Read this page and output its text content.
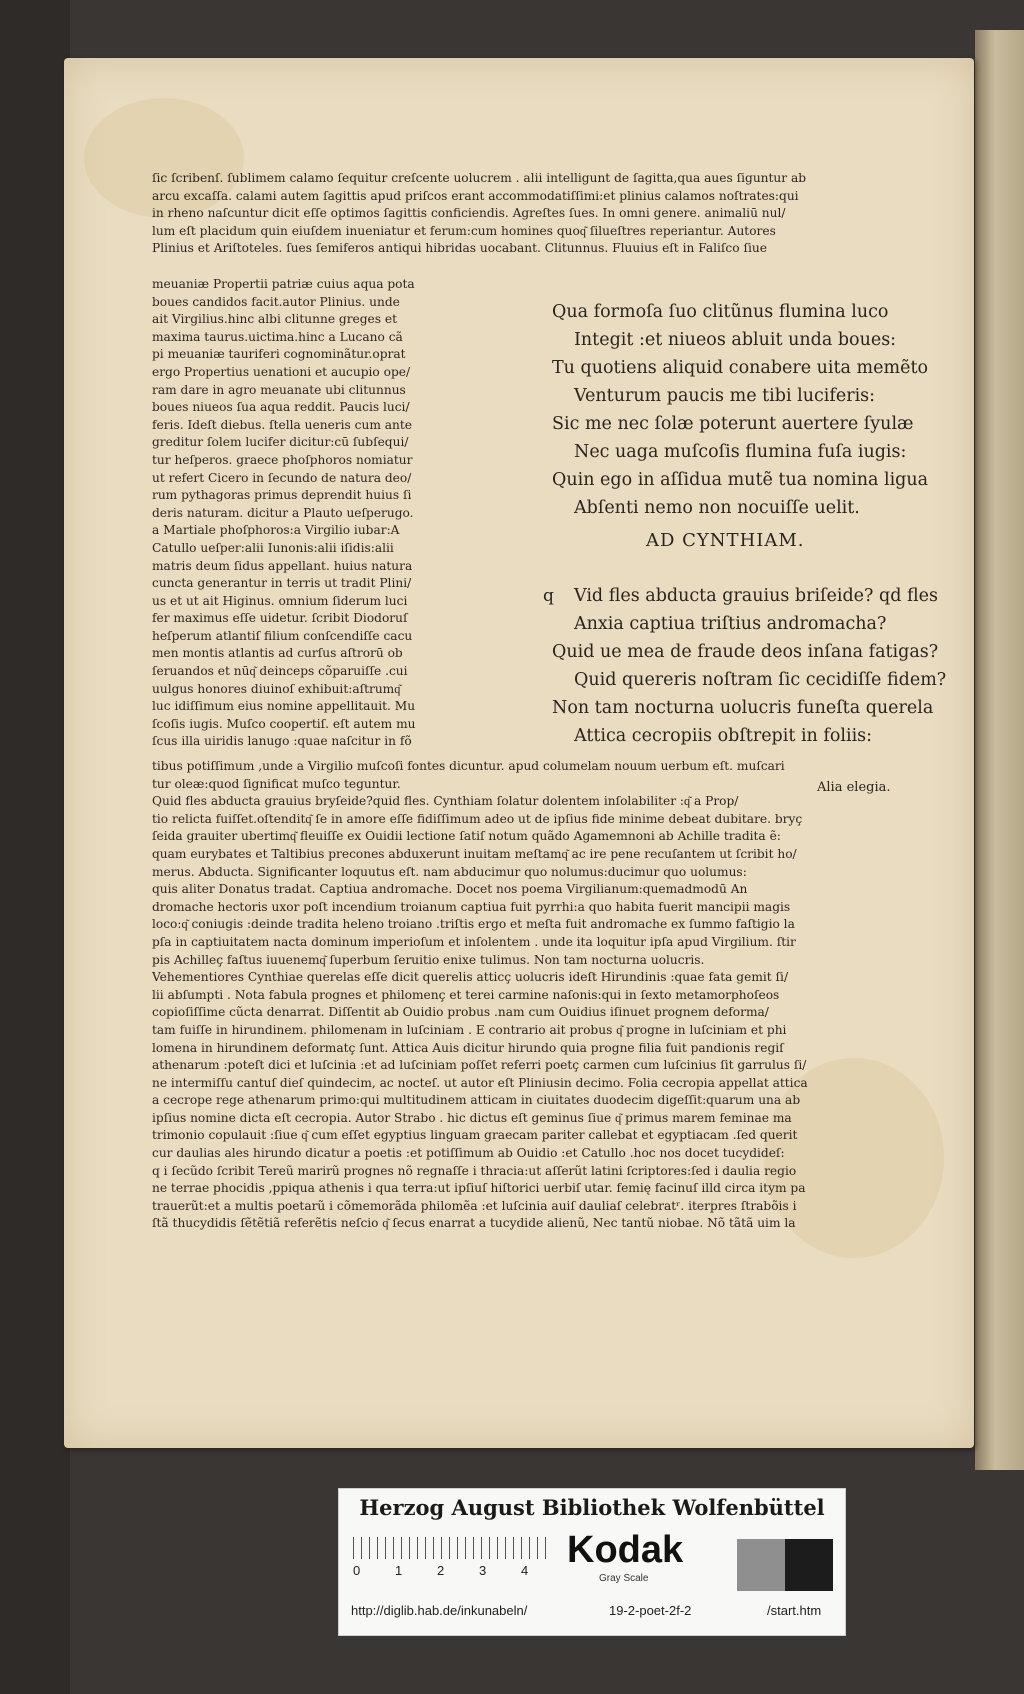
ſic ſcribenſ. ſublimem calamo ſequitur creſcente uolucrem . alii intelligunt de ſagitta,qua aues ſiguntur ab
arcu excaſſa. calami autem ſagittis apud priſcos erant accommodatiſſimi:et plinius calamos noſtrates:qui
in rheno naſcuntur dicit eſſe optimos ſagittis conficiendis. Agreſtes ſues. In omni genere. animaliū nul/
lum eſt placidum quin eiuſdem inueniatur et ferum:cum homines quoq͂ ſilueſtres reperiantur. Autores
Plinius et Ariſtoteles. ſues ſemiferos antiqui hibridas uocabant. Clitunnus. Fluuius eſt in Faliſco ſiue
meuaniæ Propertii patriæ cuius aqua pota
boues candidos facit.autor Plinius. unde
ait Virgilius.hinc albi clitunne greges et
maxima taurus.uictima.hinc a Lucano cã
pi meuaniæ tauriferi cognominãtur.oprat
ergo Propertius uenationi et aucupio ope/
ram dare in agro meuanate ubi clitunnus
boues niueos ſua aqua reddit. Paucis luci/
feris. Ideſt diebus. ſtella ueneris cum ante
greditur ſolem lucifer dicitur:cū ſubſequi/
tur heſperos. graece phoſphoros nomiatur
ut refert Cicero in ſecundo de natura deo/
rum pythagoras primus deprendit huius ſi
deris naturam. dicitur a Plauto ueſperugo.
a Martiale phoſphoros:a Virgilio iubar:A
Catullo ueſper:alii Iunonis:alii iſidis:alii
matris deum ſidus appellant. huius natura
cuncta generantur in terris ut tradit Plini/
us et ut ait Higinus. omnium ſiderum luci
fer maximus eſſe uidetur. ſcribit Diodoruſ
heſperum atlantiſ filium conſcendiſſe cacu
men montis atlantis ad curſus aſtrorū ob
ſeruandos et nūq͂ deinceps cõparuiſſe .cui
uulgus honores diuinoſ exhibuit:aſtrumq͂
luc idiſſimum eius nomine appellitauit. Mu
ſcoſis iugis. Muſco coopertiſ. eſt autem mu
ſcus illa uiridis lanugo :quae naſcitur in fõ
Qua formoſa ſuo clitũnus flumina luco
Integit :et niueos abluit unda boues:
Tu quotiens aliquid conabere uita memẽto
Venturum paucis me tibi luciferis:
Sic me nec ſolæ poterunt auertere ſyulæ
Nec uaga muſcoſis flumina fuſa iugis:
Quin ego in aſſidua mutẽ tua nomina ligua
Abſenti nemo non nocuiſſe uelit.
AD CYNTHIAM.
q	Vid fles abducta grauius briſeide? qd fles
Anxia captiua triſtius andromacha?
Quid ue mea de fraude deos inſana fatigas?
Quid quereris noſtram ſic cecidiſſe fidem?
Non tam nocturna uolucris funeſta querela
Attica cecropiis obſtrepit in foliis:
Alia elegia.
tibus potiſſimum ,unde a Virgilio muſcoſi fontes dicuntur. apud columelam nouum uerbum eſt. muſcari
tur oleæ:quod ſignificat muſco teguntur.
Quid fles abducta grauius bryſeide?quid fles. Cynthiam ſolatur dolentem inſolabiliter :q͂ a Prop/
tio relicta fuiſſet.oſtenditq͂ ſe in amore eſſe fidiſſimum adeo ut de ipſius fide minime debeat dubitare. bryç
ſeida grauiter ubertimq͂ fleuiſſe ex Ouidii lectione ſatiſ notum quãdo Agamemnoni ab Achille tradita ẽ:
quam eurybates et Taltibius precones abduxerunt inuitam meſtamq͂ ac ire pene recuſantem ut ſcribit ho/
merus. Abducta. Significanter loquutus eſt. nam abducimur quo nolumus:ducimur quo uolumus:
quis aliter Donatus tradat. Captiua andromache. Docet nos poema Virgilianum:quemadmodū An
dromache hectoris uxor poſt incendium troianum captiua fuit pyrrhi:a quo habita fuerit mancipii magis
loco:q͂ coniugis :deinde tradita heleno troiano .triſtis ergo et meſta fuit andromache ex ſummo faſtigio la
pſa in captiuitatem nacta dominum imperioſum et inſolentem . unde ita loquitur ipſa apud Virgilium. ſtir
pis Achilleç faſtus iuuenemq͂ ſuperbum ſeruitio enixe tulimus. Non tam nocturna uolucris.
Vehementiores Cynthiae querelas eſſe dicit querelis atticç uolucris ideſt Hirundinis :quae fata gemit ſi/
lii abſumpti . Nota fabula prognes et philomenç et terei carmine naſonis:qui in ſexto metamorphoſeos
copioſiſſime cũcta denarrat. Diſſentit ab Ouidio probus .nam cum Ouidius iſinuet prognem deforma/
tam fuiſſe in hirundinem. philomenam in luſciniam . E contrario ait probus q͂ progne in luſciniam et phi
lomena in hirundinem deformatç ſunt. Attica Auis dicitur hirundo quia progne filia fuit pandionis regiſ
athenarum :poteſt dici et luſcinia :et ad luſciniam poſſet referri poetç carmen cum luſcinius ſit garrulus ſi/
ne intermiſſu cantuſ dieſ quindecim, ac nocteſ. ut autor eſt Pliniusin decimo. Folia cecropia appellat attica
a cecrope rege athenarum primo:qui multitudinem atticam in ciuitates duodecim digeſſit:quarum una ab
ipſius nomine dicta eſt cecropia. Autor Strabo . hic dictus eſt geminus ſiue q͂ primus marem feminae ma
trimonio copulauit :ſiue q͂ cum eſſet egyptius linguam graecam pariter callebat et egyptiacam .ſed querit
cur daulias ales hirundo dicatur a poetis :et potiſſimum ab Ouidio :et Catullo .hoc nos docet tucydideſ:
q i ſecũdo ſcribit Tereũ marirũ prognes nõ regnaſſe i thracia:ut aſſerũt latini ſcriptores:ſed i daulia regio
ne terrae phocidis ,ppiqua athenis i qua terra:ut ipſiuſ hiſtorici uerbiſ utar. femię facinuſ illd circa itym pa
trauerũt:et a multis poetarũ i cõmemorãda philomẽa :et luſcinia auiſ dauliaſ celebratʳ. iterpres ſtrabõis i
ſtã thucydidis ſẽtẽtiã referẽtis neſcio q͂ ſecus enarrat a tucydide alienũ, Nec tantũ niobae. Nõ tãtã uim la
Herzog August Bibliothek Wolfenbüttel
0	1	2	3	4 Kodak
Gray Scale
http://diglib.hab.de/inkunabeln/	19-2-poet-2f-2	/start.htm
